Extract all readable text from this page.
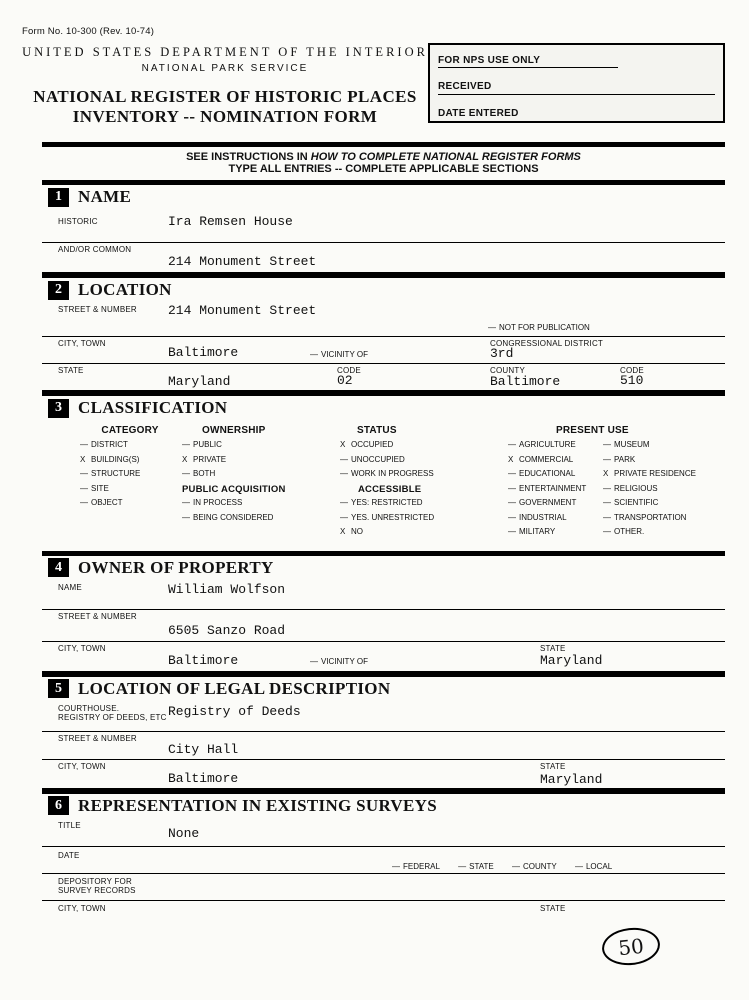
Form No. 10-300 (Rev. 10-74)
UNITED STATES DEPARTMENT OF THE INTERIOR
NATIONAL PARK SERVICE
NATIONAL REGISTER OF HISTORIC PLACES
INVENTORY -- NOMINATION FORM
FOR NPS USE ONLY
RECEIVED
DATE ENTERED
SEE INSTRUCTIONS IN HOW TO COMPLETE NATIONAL REGISTER FORMS
TYPE ALL ENTRIES -- COMPLETE APPLICABLE SECTIONS
1 NAME
HISTORIC	Ira Remsen House
AND/OR COMMON
214 Monument Street
2 LOCATION
STREET & NUMBER 214 Monument Street
— NOT FOR PUBLICATION
CITY, TOWN
Baltimore	— VICINITY OF
CONGRESSIONAL DISTRICT
3rd
STATE
Maryland
CODE
02
COUNTY
Baltimore
CODE
510
3 CLASSIFICATION
CATEGORY
— DISTRICT
X BUILDING(S)
— STRUCTURE
— SITE
— OBJECT
OWNERSHIP
— PUBLIC
X PRIVATE
— BOTH
PUBLIC ACQUISITION
— IN PROCESS
— BEING CONSIDERED
STATUS
X OCCUPIED
— UNOCCUPIED
— WORK IN PROGRESS
ACCESSIBLE
— YES: RESTRICTED
— YES. UNRESTRICTED
X NO
PRESENT USE
— AGRICULTURE
X COMMERCIAL
— EDUCATIONAL
— ENTERTAINMENT
— GOVERNMENT
— INDUSTRIAL
— MILITARY
— MUSEUM
— PARK
X PRIVATE RESIDENCE
— RELIGIOUS
— SCIENTIFIC
— TRANSPORTATION
— OTHER.
4 OWNER OF PROPERTY
NAME	William Wolfson
STREET & NUMBER
6505 Sanzo Road
CITY, TOWN
Baltimore	— VICINITY OF
STATE
Maryland
5 LOCATION OF LEGAL DESCRIPTION
COURTHOUSE.
REGISTRY OF DEEDS, ETC Registry of Deeds
STREET & NUMBER
City Hall
CITY, TOWN
Baltimore
STATE
Maryland
6 REPRESENTATION IN EXISTING SURVEYS
TITLE
None
DATE
— FEDERAL — STATE — COUNTY — LOCAL
DEPOSITORY FOR
SURVEY RECORDS
CITY, TOWN	STATE
50
